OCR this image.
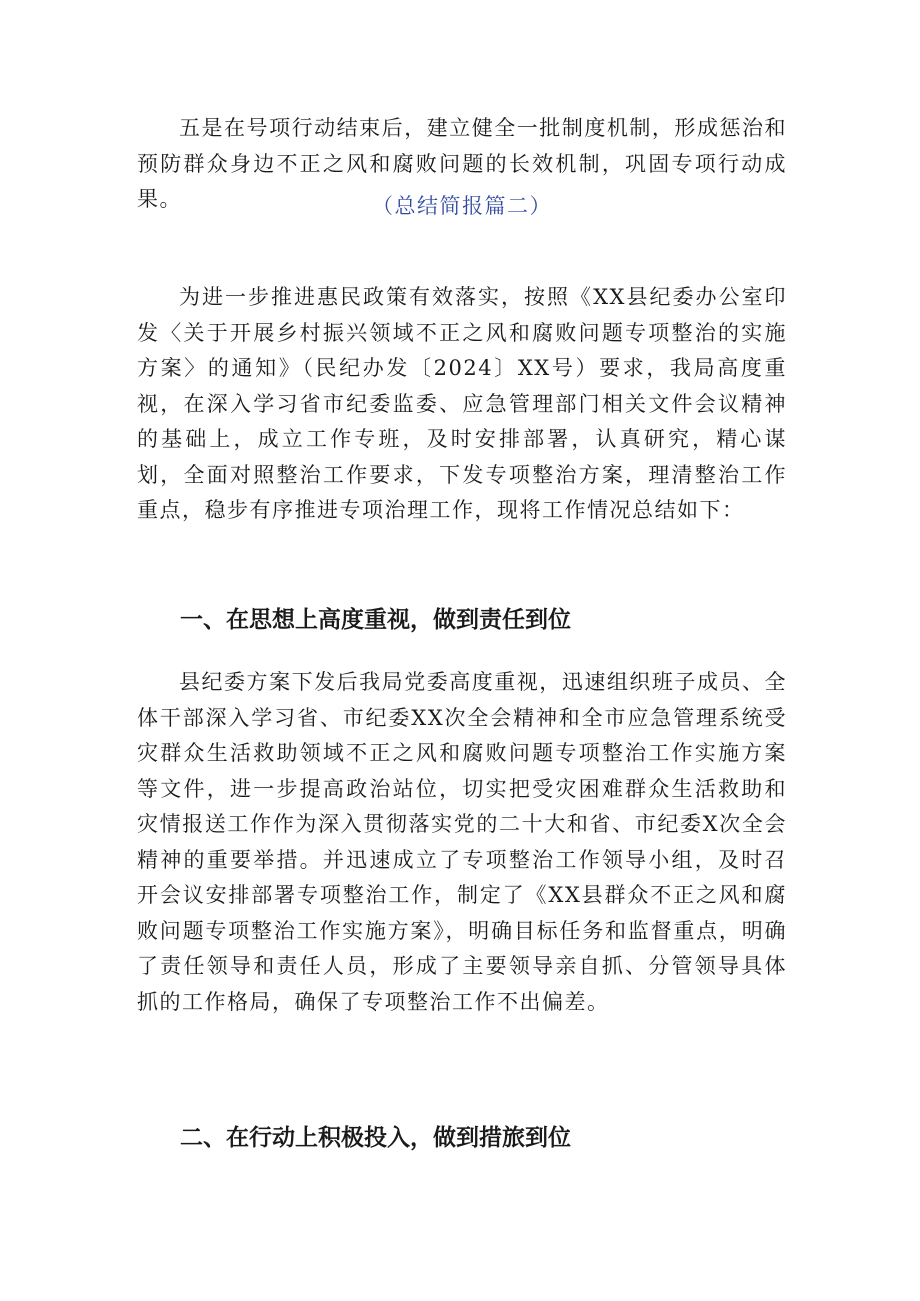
五是在号项行动结束后，建立健全一批制度机制，形成惩治和预防群众身边不正之风和腐败问题的长效机制，巩固专项行动成果。	（总结简报篇二）

为进一步推进惠民政策有效落实，按照《XX县纪委办公室印发〈关于开展乡村振兴领域不正之风和腐败问题专项整治的实施方案〉的通知》（民纪办发〔2024〕XX号）要求，我局高度重视，在深入学习省市纪委监委、应急管理部门相关文件会议精神的基础上，成立工作专班，及时安排部署，认真研究，精心谋划，全面对照整治工作要求，下发专项整治方案，理清整治工作重点，稳步有序推进专项治理工作，现将工作情况总结如下：

一、在思想上高度重视，做到责任到位

县纪委方案下发后我局党委高度重视，迅速组织班子成员、全体干部深入学习省、市纪委XX次全会精神和全市应急管理系统受灾群众生活救助领域不正之风和腐败问题专项整治工作实施方案等文件，进一步提高政治站位，切实把受灾困难群众生活救助和灾情报送工作作为深入贯彻落实党的二十大和省、市纪委X次全会精神的重要举措。并迅速成立了专项整治工作领导小组，及时召开会议安排部署专项整治工作，制定了《XX县群众不正之风和腐败问题专项整治工作实施方案》，明确目标任务和监督重点，明确了责任领导和责任人员，形成了主要领导亲自抓、分管领导具体抓的工作格局，确保了专项整治工作不出偏差。

二、在行动上积极投入，做到措旅到位
